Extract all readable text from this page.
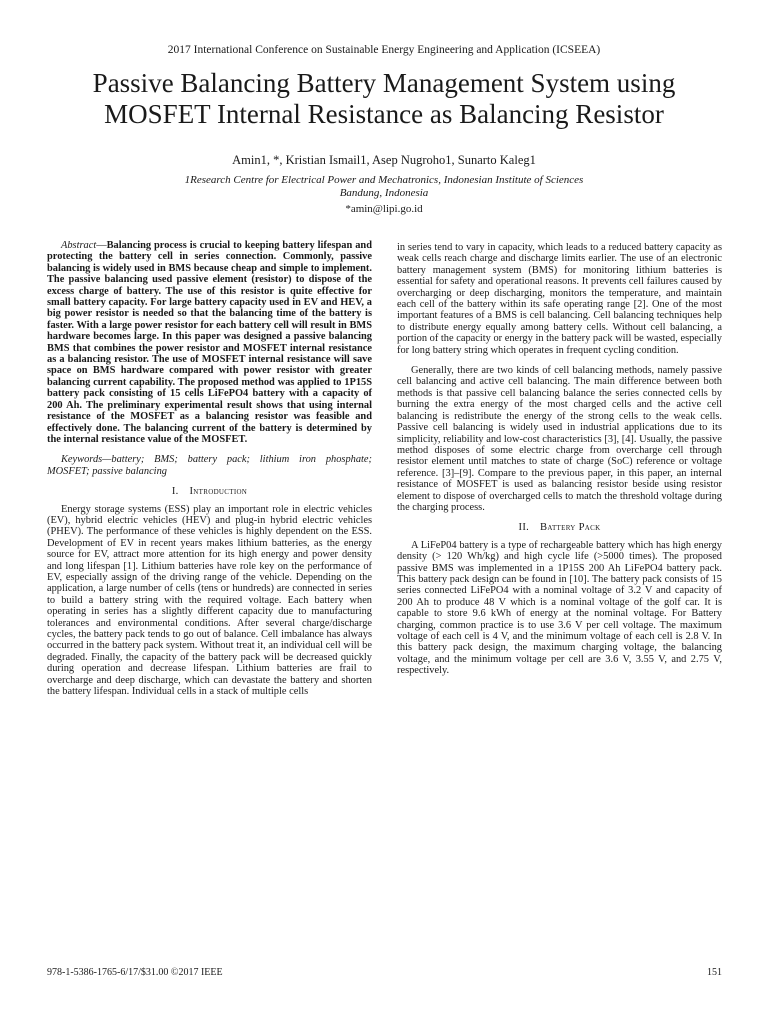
2017 International Conference on Sustainable Energy Engineering and Application (ICSEEA)
Passive Balancing Battery Management System using
MOSFET Internal Resistance as Balancing Resistor
Amin1, *, Kristian Ismail1, Asep Nugroho1, Sunarto Kaleg1
1Research Centre for Electrical Power and Mechatronics, Indonesian Institute of Sciences
Bandung, Indonesia
*amin@lipi.go.id

Abstract—Balancing process is crucial to keeping battery lifespan and protecting the battery cell in series connection. Commonly, passive balancing is widely used in BMS because cheap and simple to implement. The passive balancing used passive element (resistor) to dispose of the excess charge of battery. The use of this resistor is quite effective for small battery capacity. For large battery capacity used in EV and HEV, a big power resistor is needed so that the balancing time of the battery is faster. With a large power resistor for each battery cell will result in BMS hardware becomes large. In this paper was designed a passive balancing BMS that combines the power resistor and MOSFET internal resistance as a balancing resistor. The use of MOSFET internal resistance will save space on BMS hardware compared with power resistor with greater balancing current capability. The proposed method was applied to 1P15S battery pack consisting of 15 cells LiFePO4 battery with a capacity of 200 Ah. The preliminary experimental result shows that using internal resistance of the MOSFET as a balancing resistor was feasible and effectively done. The balancing current of the battery is determined by the internal resistance value of the MOSFET.

Keywords—battery; BMS; battery pack; lithium iron phosphate; MOSFET; passive balancing

I. Introduction

Energy storage systems (ESS) play an important role in electric vehicles (EV), hybrid electric vehicles (HEV) and plug-in hybrid electric vehicles (PHEV). The performance of these vehicles is highly dependent on the ESS. Development of EV in recent years makes lithium batteries, as the energy source for EV, attract more attention for its high energy and power density and long lifespan [1]. Lithium batteries have role key on the performance of EV, especially assign of the driving range of the vehicle. Depending on the application, a large number of cells (tens or hundreds) are connected in series to build a battery string with the required voltage. Each battery when operating in series has a slightly different capacity due to manufacturing tolerances and environmental conditions. After several charge/discharge cycles, the battery pack tends to go out of balance. Cell imbalance has always occurred in the battery pack system. Without treat it, an individual cell will be degraded. Finally, the capacity of the battery pack will be decreased quickly during operation and decrease lifespan. Lithium batteries are frail to overcharge and deep discharge, which can devastate the battery and shorten the battery lifespan. Individual cells in a stack of multiple cells

in series tend to vary in capacity, which leads to a reduced battery capacity as weak cells reach charge and discharge limits earlier. The use of an electronic battery management system (BMS) for monitoring lithium batteries is essential for safety and operational reasons. It prevents cell failures caused by overcharging or deep discharging, monitors the temperature, and maintain each cell of the battery within its safe operating range [2]. One of the most important features of a BMS is cell balancing. Cell balancing techniques help to distribute energy equally among battery cells. Without cell balancing, a portion of the capacity or energy in the battery pack will be wasted, especially for long battery string which operates in frequent cycling condition.

Generally, there are two kinds of cell balancing methods, namely passive cell balancing and active cell balancing. The main difference between both methods is that passive cell balancing balance the series connected cells by burning the extra energy of the most charged cells and the active cell balancing is redistribute the energy of the strong cells to the weak cells. Passive cell balancing is widely used in industrial applications due to its simplicity, reliability and low-cost characteristics [3], [4]. Usually, the passive method disposes of some electric charge from overcharge cell through resistor element until matches to state of charge (SoC) reference or voltage reference. [3]–[9]. Compare to the previous paper, in this paper, an internal resistance of MOSFET is used as balancing resistor beside using resistor element to dispose of overcharged cells to match the threshold voltage during the charging process.

II. Battery Pack

A LiFeP04 battery is a type of rechargeable battery which has high energy density (> 120 Wh/kg) and high cycle life (>5000 times). The proposed passive BMS was implemented in a 1P15S 200 Ah LiFePO4 battery pack. This battery pack design can be found in [10]. The battery pack consists of 15 series connected LiFePO4 with a nominal voltage of 3.2 V and capacity of 200 Ah to produce 48 V which is a nominal voltage of the golf car. It is capable to store 9.6 kWh of energy at the nominal voltage. For Battery charging, common practice is to use 3.6 V per cell voltage. The maximum voltage of each cell is 4 V, and the minimum voltage of each cell is 2.8 V. In this battery pack design, the maximum charging voltage, the balancing voltage, and the minimum voltage per cell are 3.6 V, 3.55 V, and 2.75 V, respectively.

978-1-5386-1765-6/17/$31.00 ©2017 IEEE	151
